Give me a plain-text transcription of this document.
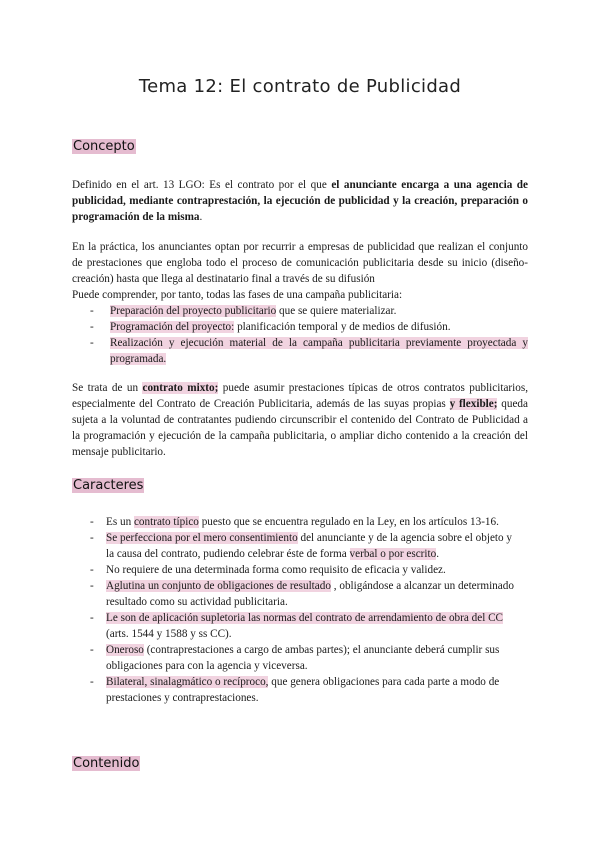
Tema 12: El contrato de Publicidad
Concepto

Definido en el art. 13 LGO: Es el contrato por el que el anunciante encarga a una agencia de publicidad, mediante contraprestación, la ejecución de publicidad y la creación, preparación o programación de la misma.

En la práctica, los anunciantes optan por recurrir a empresas de publicidad que realizan el conjunto de prestaciones que engloba todo el proceso de comunicación publicitaria desde su inicio (diseño-creación) hasta que llega al destinatario final a través de su difusión

Puede comprender, por tanto, todas las fases de una campaña publicitaria:

- Preparación del proyecto publicitario que se quiere materializar.
- Programación del proyecto: planificación temporal y de medios de difusión.
- Realización y ejecución material de la campaña publicitaria previamente proyectada y programada.

Se trata de un contrato mixto; puede asumir prestaciones típicas de otros contratos publicitarios, especialmente del Contrato de Creación Publicitaria, además de las suyas propias y flexible; queda sujeta a la voluntad de contratantes pudiendo circunscribir el contenido del Contrato de Publicidad a la programación y ejecución de la campaña publicitaria, o ampliar dicho contenido a la creación del mensaje publicitario.

Caracteres
- Es un contrato típico puesto que se encuentra regulado en la Ley, en los artículos 13-16.
- Se perfecciona por el mero consentimiento del anunciante y de la agencia sobre el objeto y la causa del contrato, pudiendo celebrar éste de forma verbal o por escrito.
- No requiere de una determinada forma como requisito de eficacia y validez.
- Aglutina un conjunto de obligaciones de resultado , obligándose a alcanzar un determinado resultado como su actividad publicitaria.
- Le son de aplicación supletoria las normas del contrato de arrendamiento de obra del CC (arts. 1544 y 1588 y ss CC).
- Oneroso (contraprestaciones a cargo de ambas partes); el anunciante deberá cumplir sus obligaciones para con la agencia y viceversa.
- Bilateral, sinalagmático o recíproco, que genera obligaciones para cada parte a modo de prestaciones y contraprestaciones.
Contenido
